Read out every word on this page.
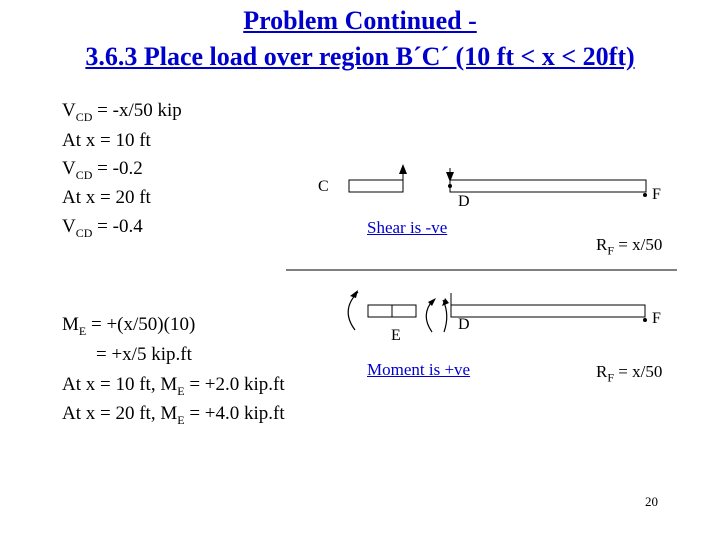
Problem Continued -
3.6.3 Place load over region B´C´ (10 ft < x < 20ft)
$V_{CD} = -x/50$ kip
At x = 10 ft
$V_{CD} = -0.2$
At x = 20 ft
$V_{CD} = -0.4$
$M_E = +(x/50)(10)$
= +x/5 kip.ft
At x = 10 ft, $M_E = +2.0$ kip.ft
At x = 20 ft, $M_E = +4.0$ kip.ft
C
D	F
Shear is -ve
$R_F = x/50$
E
D	F
Moment is +ve	$R_F = x/50$
20
